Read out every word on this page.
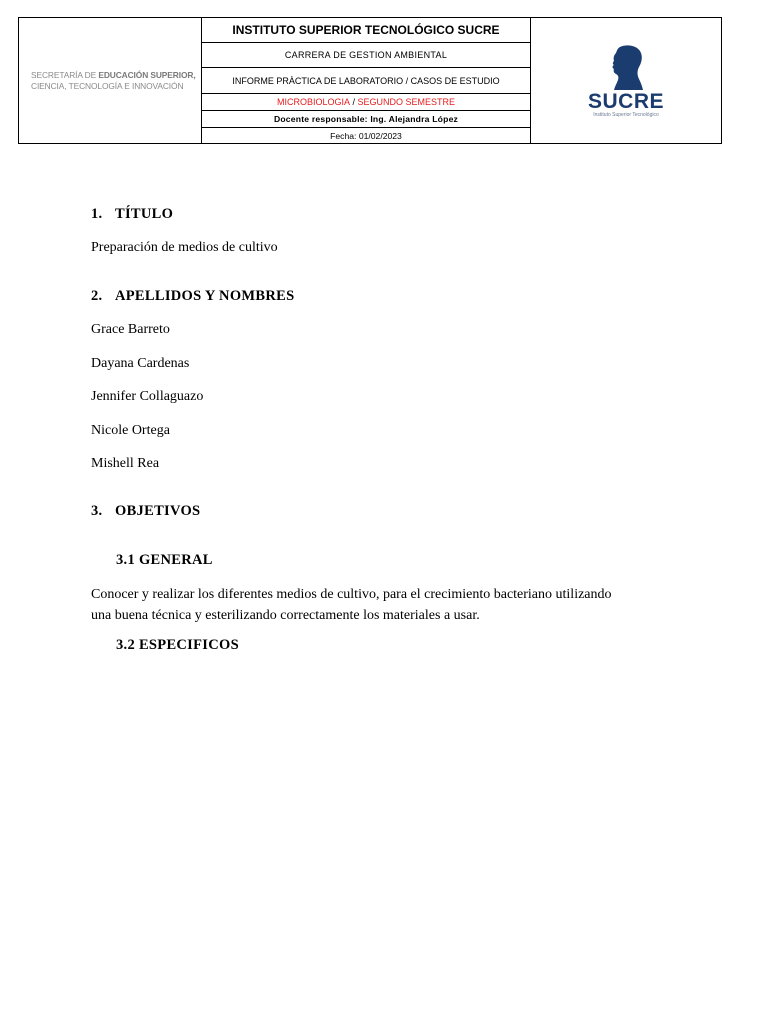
SECRETARÍA DE EDUCACIÓN SUPERIOR,
CIENCIA, TECNOLOGÍA E INNOVACIÓN
INSTITUTO SUPERIOR TECNOLÓGICO SUCRE
CARRERA DE GESTION AMBIENTAL
INFORME PRÀCTICA DE LABORATORIO / CASOS DE ESTUDIO
MICROBIOLOGIA / SEGUNDO SEMESTRE
Docente responsable: Ing. Alejandra López
Fecha: 01/02/2023
SUCRE
Instituto Superior Tecnológico
1. TÍTULO
Preparación de medios de cultivo
2. APELLIDOS Y NOMBRES
Grace Barreto
Dayana Cardenas
Jennifer Collaguazo
Nicole Ortega
Mishell Rea
3. OBJETIVOS
3.1 GENERAL
Conocer y realizar los diferentes medios de cultivo, para el crecimiento bacteriano utilizando
una buena técnica y esterilizando correctamente los materiales a usar.
3.2 ESPECIFICOS
